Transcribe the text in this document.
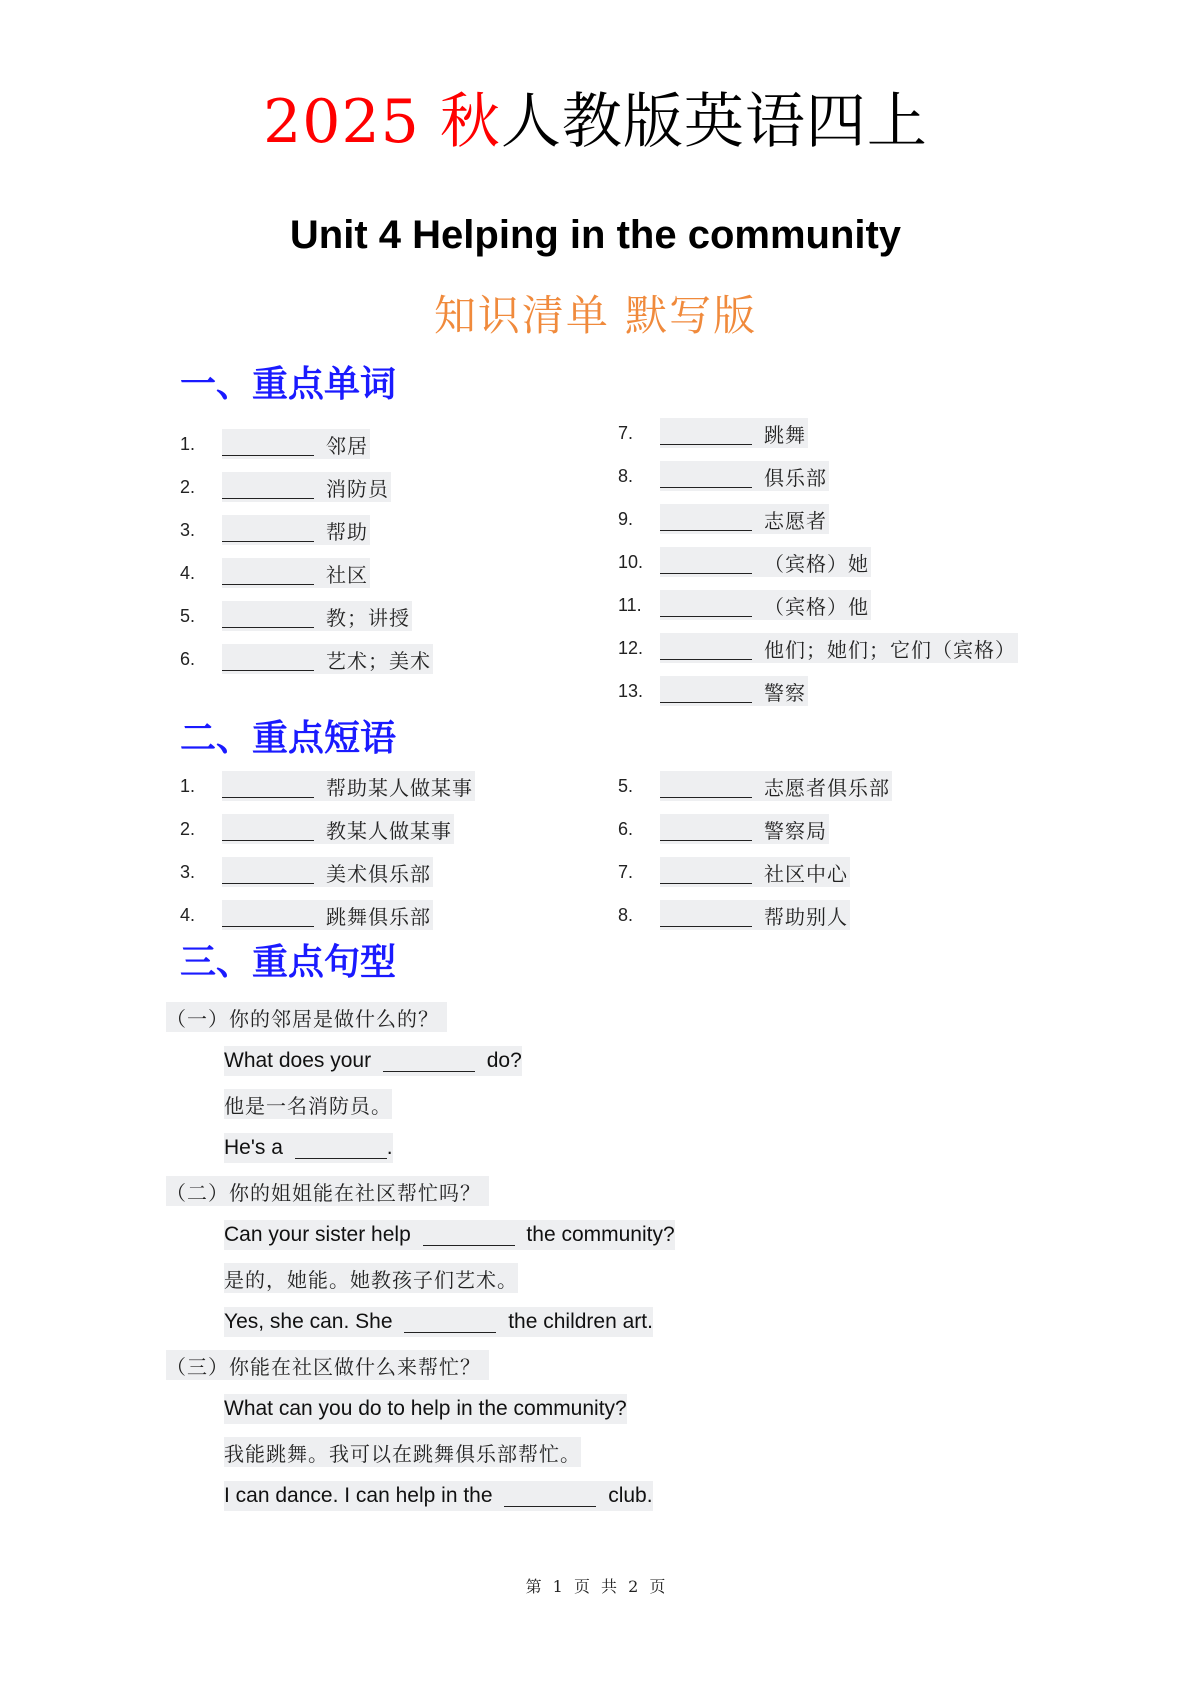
2025 秋人教版英语四上
Unit 4 Helping in the community
知识清单 默写版
一、重点单词
1.	邻居
2.	消防员
3.	帮助
4.	社区
5.	教；讲授
6.	艺术；美术
7.	跳舞
8.	俱乐部
9.	志愿者
10.	（宾格）她
11.	（宾格）他
12.	他们；她们；它们（宾格）
13.	警察
二、重点短语
1.	帮助某人做某事
2.	教某人做某事
3.	美术俱乐部
4.	跳舞俱乐部
5.	志愿者俱乐部
6.	警察局
7.	社区中心
8.	帮助别人
三、重点句型
（一）你的邻居是做什么的？
What does your	do?
他是一名消防员。
He's a	.
（二）你的姐姐能在社区帮忙吗？
Can your sister help	the community?
是的，她能。她教孩子们艺术。
Yes, she can. She	the children art.
（三）你能在社区做什么来帮忙？
What can you do to help in the community?
我能跳舞。我可以在跳舞俱乐部帮忙。
I can dance. I can help in the	club.
第 1 页 共 2 页
